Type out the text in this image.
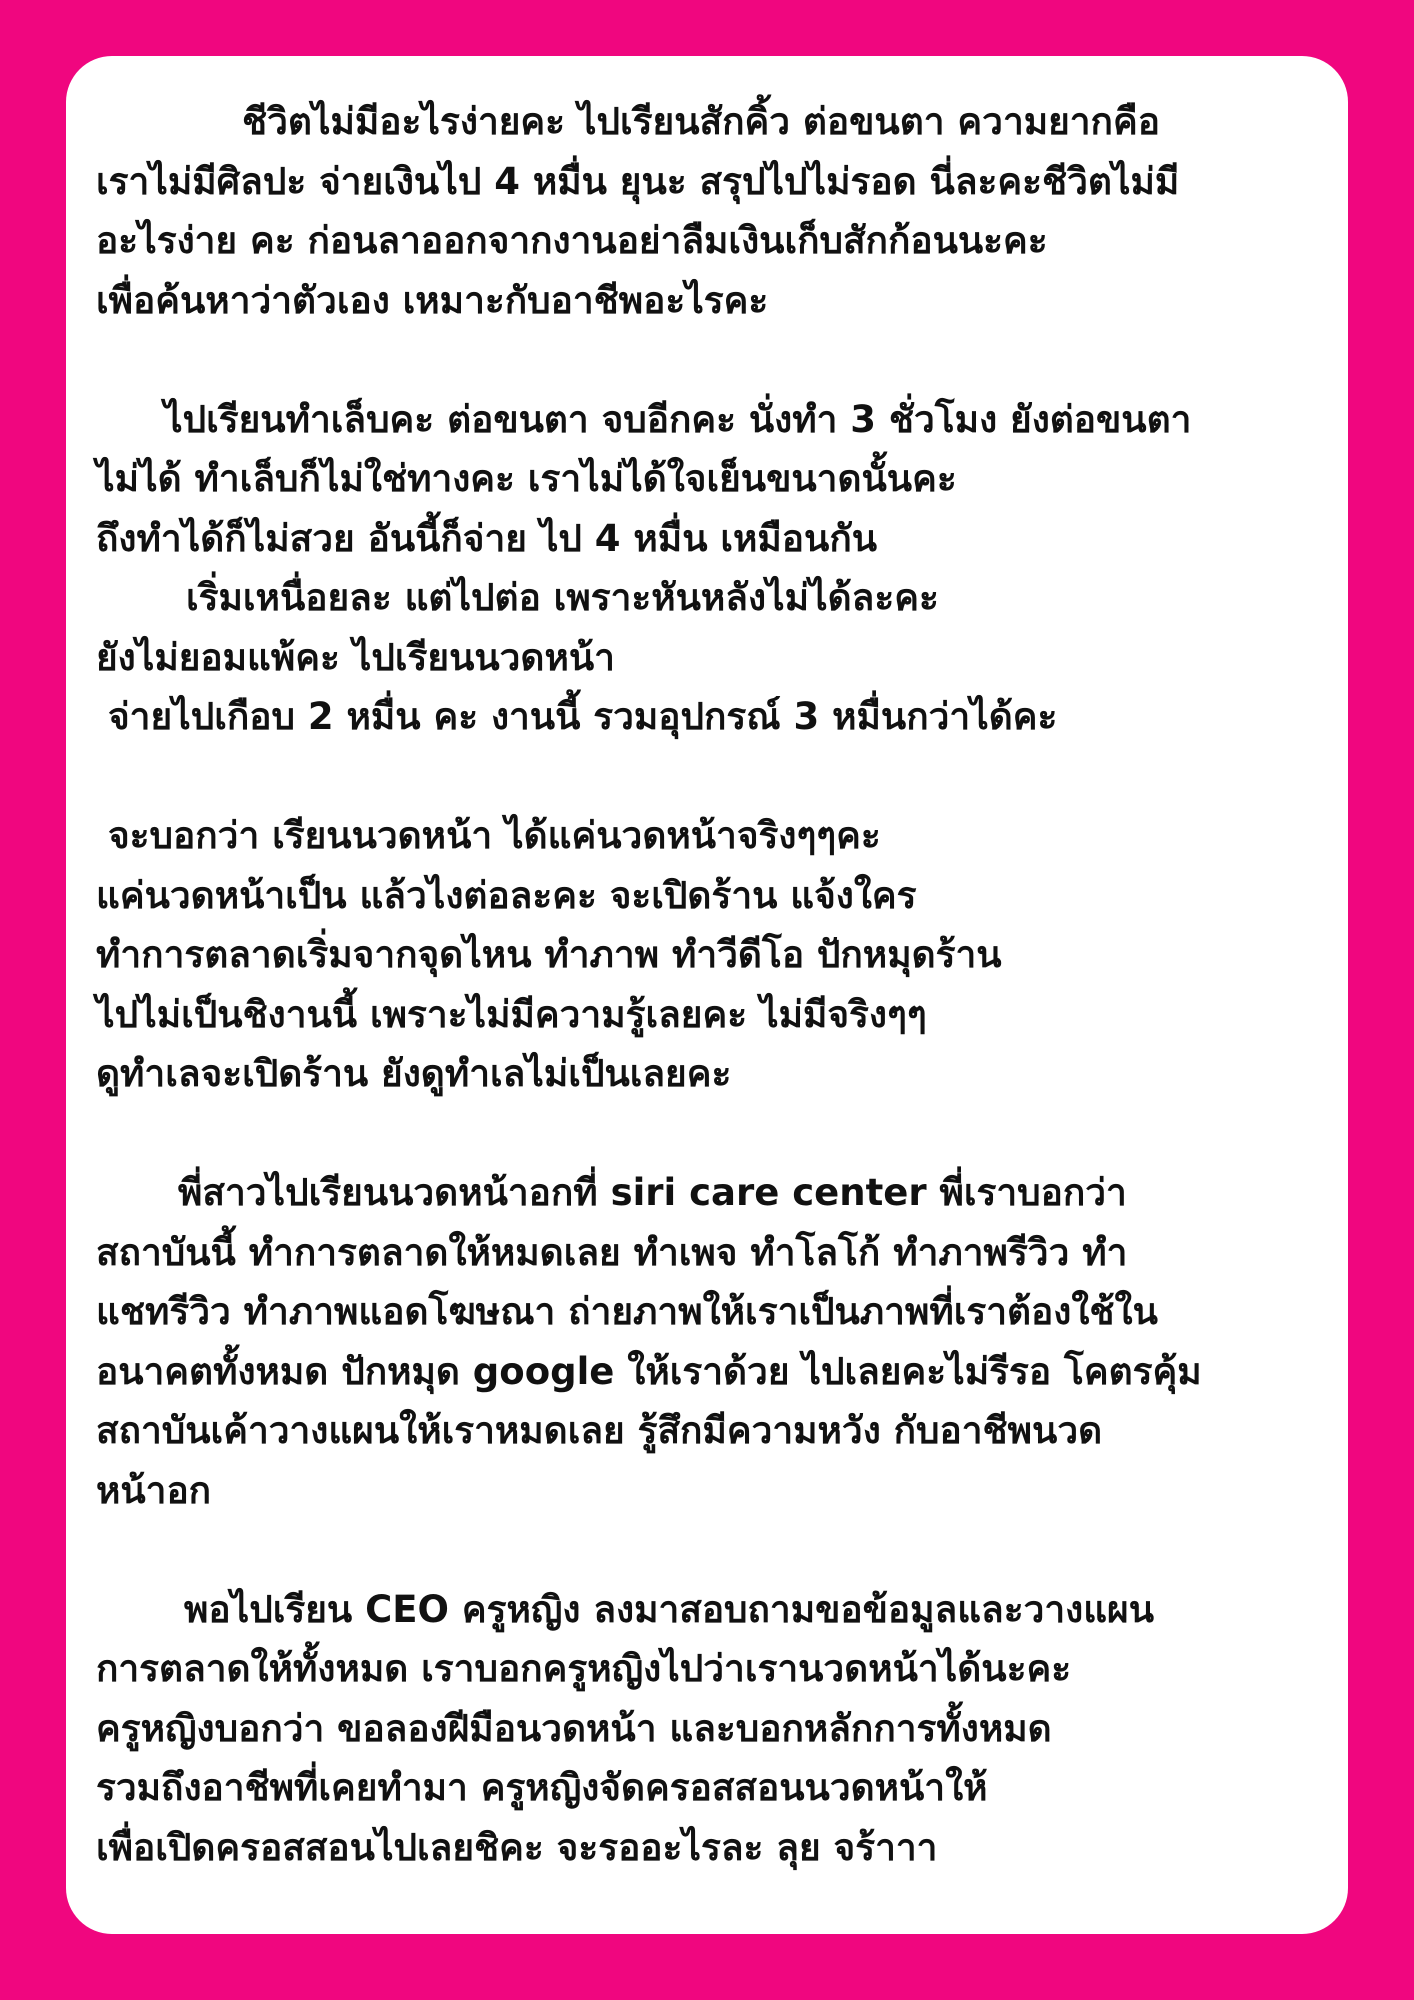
ชีวิตไม่มีอะไรง่ายคะ ไปเรียนสักคิ้ว ต่อขนตา ความยากคือ
เราไม่มีศิลปะ จ่ายเงินไป 4 หมื่น ยุนะ สรุปไปไม่รอด นี่ละคะชีวิตไม่มี
อะไรง่าย คะ ก่อนลาออกจากงานอย่าลืมเงินเก็บสักก้อนนะคะ
เพื่อค้นหาว่าตัวเอง เหมาะกับอาชีพอะไรคะ
ไปเรียนทำเล็บคะ ต่อขนตา จบอีกคะ นั่งทำ 3 ชั่วโมง ยังต่อขนตา
ไม่ได้ ทำเล็บก็ไม่ใช่ทางคะ เราไม่ได้ใจเย็นขนาดนั้นคะ
ถึงทำได้ก็ไม่สวย อันนี้ก็จ่าย ไป 4 หมื่น เหมือนกัน
เริ่มเหนื่อยละ แต่ไปต่อ เพราะหันหลังไม่ได้ละคะ
ยังไม่ยอมแพ้คะ ไปเรียนนวดหน้า
จ่ายไปเกือบ 2 หมื่น คะ งานนี้ รวมอุปกรณ์ 3 หมื่นกว่าได้คะ
จะบอกว่า เรียนนวดหน้า ได้แค่นวดหน้าจริงๆๆคะ
แค่นวดหน้าเป็น แล้วไงต่อละคะ จะเปิดร้าน แจ้งใคร
ทำการตลาดเริ่มจากจุดไหน ทำภาพ ทำวีดีโอ ปักหมุดร้าน
ไปไม่เป็นชิงานนี้ เพราะไม่มีความรู้เลยคะ ไม่มีจริงๆๆ
ดูทำเลจะเปิดร้าน ยังดูทำเลไม่เป็นเลยคะ
พี่สาวไปเรียนนวดหน้าอกที่ siri care center พี่เราบอกว่า
สถาบันนี้ ทำการตลาดให้หมดเลย ทำเพจ ทำโลโก้ ทำภาพรีวิว ทำ
แชทรีวิว ทำภาพแอดโฆษณา ถ่ายภาพให้เราเป็นภาพที่เราต้องใช้ใน
อนาคตทั้งหมด ปักหมุด google ให้เราด้วย ไปเลยคะไม่รีรอ โคตรคุ้ม
สถาบันเค้าวางแผนให้เราหมดเลย รู้สึกมีความหวัง กับอาชีพนวด
หน้าอก
พอไปเรียน CEO ครูหญิง ลงมาสอบถามขอข้อมูลและวางแผน
การตลาดให้ทั้งหมด เราบอกครูหญิงไปว่าเรานวดหน้าได้นะคะ
ครูหญิงบอกว่า ขอลองฝีมือนวดหน้า และบอกหลักการทั้งหมด
รวมถึงอาชีพที่เคยทำมา ครูหญิงจัดครอสสอนนวดหน้าให้
เพื่อเปิดครอสสอนไปเลยชิคะ จะรออะไรละ ลุย จร้าาา
